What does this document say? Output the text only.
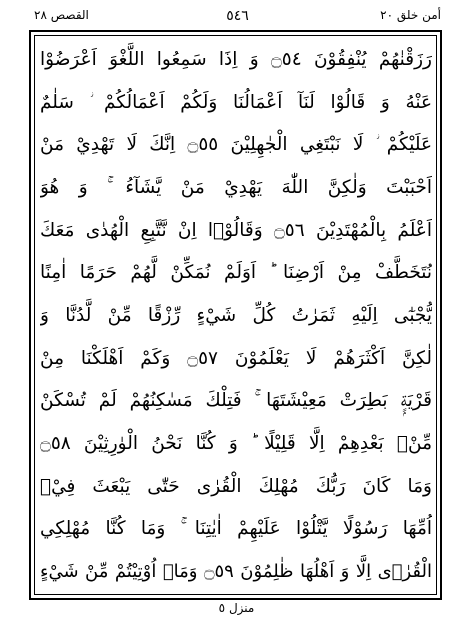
القصص ٢٨	٥٤٦	أمن خلق ٢٠
رَزَقْنٰهُمْ يُنْفِقُوْنَ ۝٥٤ وَ اِذَا سَمِعُوا اللَّغْوَ اَعْرَضُوْا
عَنْهُ وَ قَالُوْا لَنَآ اَعْمَالُنَا وَلَكُمْ اَعْمَالُكُمْ ؗ سَلٰمٌ
عَلَيْكُمْ ؗ لَا نَبْتَغِي الْجٰهِلِيْنَ ۝٥٥ اِنَّكَ لَا تَهْدِيْ مَنْ
اَحْبَبْتَ وَلٰكِنَّ اللّٰهَ يَهْدِيْ مَنْ يَّشَآءُ ۚ وَ هُوَ
اَعْلَمُ بِالْمُهْتَدِيْنَ ۝٥٦ وَقَالُوْۤا اِنْ نَّتَّبِعِ الْهُدٰى مَعَكَ
نُتَخَطَّفْ مِنْ اَرْضِنَا ؕ اَوَلَمْ نُمَكِّنْ لَّهُمْ حَرَمًا اٰمِنًا
يُّجْبٰٓى اِلَيْهِ ثَمَرٰتُ كُلِّ شَيْءٍ رِّزْقًا مِّنْ لَّدُنَّا وَ
لٰكِنَّ اَكْثَرَهُمْ لَا يَعْلَمُوْنَ ۝٥٧ وَكَمْ اَهْلَكْنَا مِنْ
قَرْيَةٍۭ بَطِرَتْ مَعِيْشَتَهَا ۚ فَتِلْكَ مَسٰكِنُهُمْ لَمْ تُسْكَنْ
مِّنْۢ بَعْدِهِمْ اِلَّا قَلِيْلًا ؕ وَ كُنَّا نَحْنُ الْوٰرِثِيْنَ ۝٥٨
وَمَا كَانَ رَبُّكَ مُهْلِكَ الْقُرٰى حَتّٰى يَبْعَثَ فِيْۤ
اُمِّهَا رَسُوْلًا يَّتْلُوْا عَلَيْهِمْ اٰيٰتِنَا ۚ وَمَا كُنَّا مُهْلِكِي
الْقُرٰۤى اِلَّا وَ اَهْلُهَا ظٰلِمُوْنَ ۝٥٩ وَمَاۤ اُوْتِيْتُمْ مِّنْ شَيْءٍ
منزل ٥
